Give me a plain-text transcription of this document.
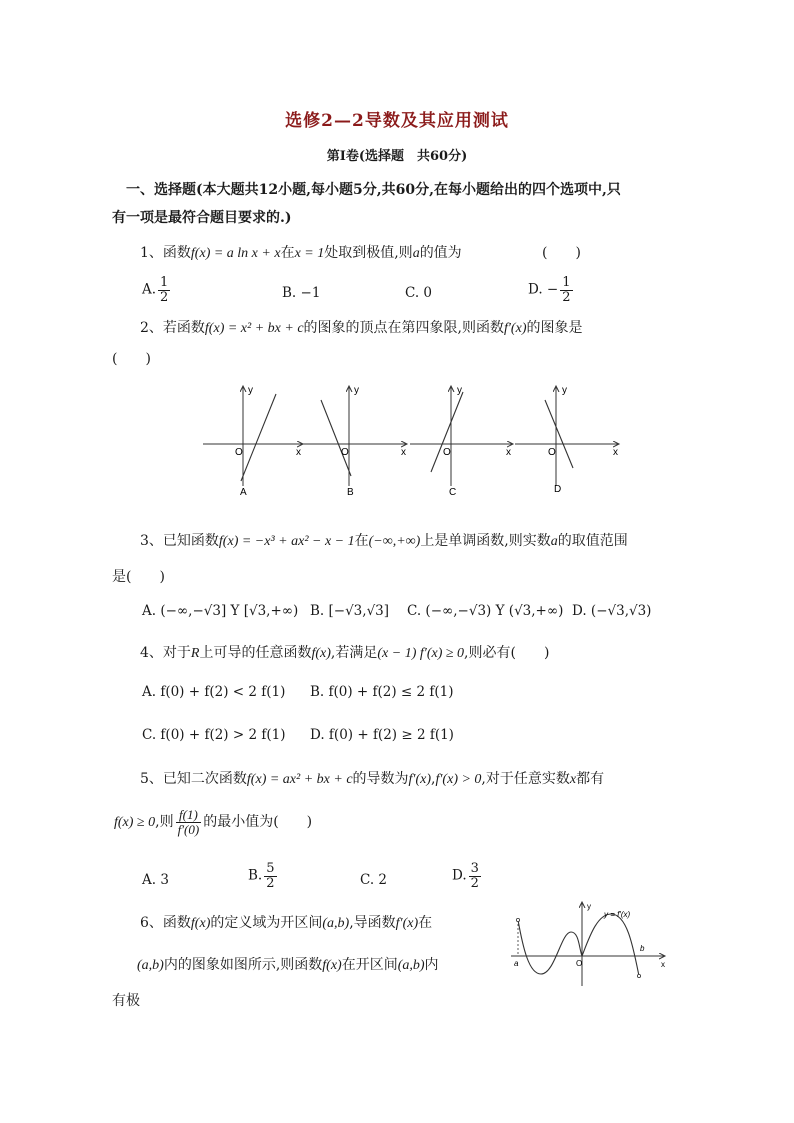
选修2—2导数及其应用测试
第Ⅰ卷(选择题　共60分)
一、选择题(本大题共12小题,每小题5分,共60分,在每小题给出的四个选项中,只
有一项是最符合题目要求的.)
1、函数f(x) = a ln x + x在x = 1处取到极值,则a的值为	(　　)
A. $\frac{1}{2}$	B. −1	C. 0	D. − $\frac{1}{2}$
2、若函数f(x) = x² + bx + c的图象的顶点在第四象限,则函数f′(x)的图象是
(　　)
y
x
O
A
y
x
O
B
y
x
O
C
y
x
O
D
3、已知函数f(x) = −x³ + ax² − x − 1在(−∞,+∞)上是单调函数,则实数a的取值范围
是(　　)
A. (−∞,−√3] Y [√3,+∞) B. [−√3,√3] C. (−∞,−√3) Y (√3,+∞) D. (−√3,√3)
4、对于R上可导的任意函数f(x),若满足(x − 1) f′(x) ≥ 0,则必有(　　)
A. f(0) + f(2) < 2 f(1) B. f(0) + f(2) ≤ 2 f(1)
C. f(0) + f(2) > 2 f(1) D. f(0) + f(2) ≥ 2 f(1)
5、已知二次函数f(x) = ax² + bx + c的导数为f′(x),f′(x) > 0,对于任意实数x都有
f(x) ≥ 0,则 $\frac{f(1)}{f'(0)}$ 的最小值为(　　)
A. 3	B. $\frac{5}{2}$	C. 2	D. $\frac{3}{2}$
6、函数f(x)的定义域为开区间(a,b),导函数f′(x)在
(a,b)内的图象如图所示,则函数f(x)在开区间(a,b)内
有极
y
x
O
a
b
y = f′(x)
